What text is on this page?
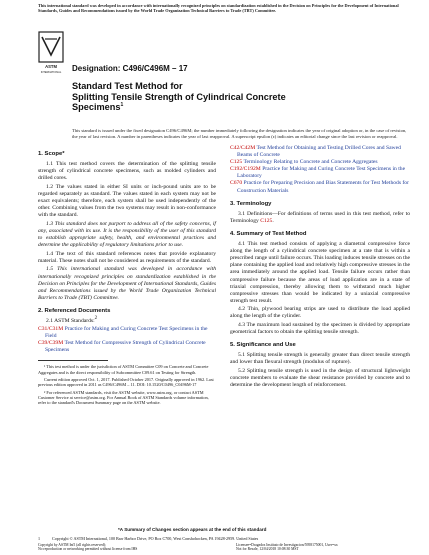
This international standard was developed in accordance with internationally recognized principles on standardization established in the Decision on Principles for the Development of International Standards, Guides and Recommendations issued by the World Trade Organization Technical Barriers to Trade (TBT) Committee.
ASTM
INTERNATIONAL Designation: C496/C496M – 17
Standard Test Method for
Splitting Tensile Strength of Cylindrical Concrete
Specimens$^1$
This standard is issued under the fixed designation C496/C496M; the number immediately following the designation indicates the year of original adoption or, in the case of revision, the year of last revision. A number in parentheses indicates the year of last reapproval. A superscript epsilon (ε) indicates an editorial change since the last revision or reapproval.
1. Scope*

1.1 This test method covers the determination of the splitting tensile strength of cylindrical concrete specimens, such as molded cylinders and drilled cores.

1.2 The values stated in either SI units or inch-pound units are to be regarded separately as standard. The values stated in each system may not be exact equivalents; therefore, each system shall be used independently of the other. Combining values from the two systems may result in non-conformance with the standard.

1.3 This standard does not purport to address all of the safety concerns, if any, associated with its use. It is the responsibility of the user of this standard to establish appropriate safety, health, and environmental practices and determine the applicability of regulatory limitations prior to use.

1.4 The text of this standard references notes that provide explanatory material. These notes shall not be considered as requirements of the standard.

1.5 This international standard was developed in accordance with internationally recognized principles on standardization established in the Decision on Principles for the Development of International Standards, Guides and Recommendations issued by the World Trade Organization Technical Barriers to Trade (TBT) Committee.

2. Referenced Documents

2.1 ASTM Standards:$^2$

C31/C31M Practice for Making and Curing Concrete Test Specimens in the Field

C39/C39M Test Method for Compressive Strength of Cylindrical Concrete Specimens

¹ This test method is under the jurisdiction of ASTM Committee C09 on Concrete and Concrete Aggregates and is the direct responsibility of Subcommittee C09.61 on Testing for Strength.

Current edition approved Oct. 1, 2017. Published October 2017. Originally approved in 1962. Last previous edition approved in 2011 as C496/C496M – 11. DOI: 10.1520/C0496_C0496M-17

² For referenced ASTM standards, visit the ASTM website, www.astm.org, or contact ASTM Customer Service at service@astm.org. For Annual Book of ASTM Standards volume information, refer to the standard's Document Summary page on the ASTM website.

C42/C42M Test Method for Obtaining and Testing Drilled Cores and Sawed Beams of Concrete

C125 Terminology Relating to Concrete and Concrete Aggregates

C192/C192M Practice for Making and Curing Concrete Test Specimens in the Laboratory

C670 Practice for Preparing Precision and Bias Statements for Test Methods for Construction Materials

3. Terminology

3.1 Definitions—For definitions of terms used in this test method, refer to Terminology C125.

4. Summary of Test Method

4.1 This test method consists of applying a diametral compressive force along the length of a cylindrical concrete specimen at a rate that is within a prescribed range until failure occurs. This loading induces tensile stresses on the plane containing the applied load and relatively high compressive stresses in the area immediately around the applied load. Tensile failure occurs rather than compressive failure because the areas of load application are in a state of triaxial compression, thereby allowing them to withstand much higher compressive stresses than would be indicated by a uniaxial compressive strength test result.

4.2 Thin, plywood bearing strips are used to distribute the load applied along the length of the cylinder.

4.3 The maximum load sustained by the specimen is divided by appropriate geometrical factors to obtain the splitting tensile strength.

5. Significance and Use

5.1 Splitting tensile strength is generally greater than direct tensile strength and lower than flexural strength (modulus of rupture).

5.2 Splitting tensile strength is used in the design of structural lightweight concrete members to evaluate the shear resistance provided by concrete and to determine the development length of reinforcement.

*A Summary of Changes section appears at the end of this standard
1	Copyright © ASTM International, 100 Barr Harbor Drive, PO Box C700, West Conshohocken, PA 19428-2959. United States
Copyright by ASTM Int'l (all rights reserved);
No reproduction or networking permitted without license from IHS
Licensee=Dragados Instituto de Investigacion/5958175001, User=xx
Not for Resale, 12/04/2018 10:08:30 MST
